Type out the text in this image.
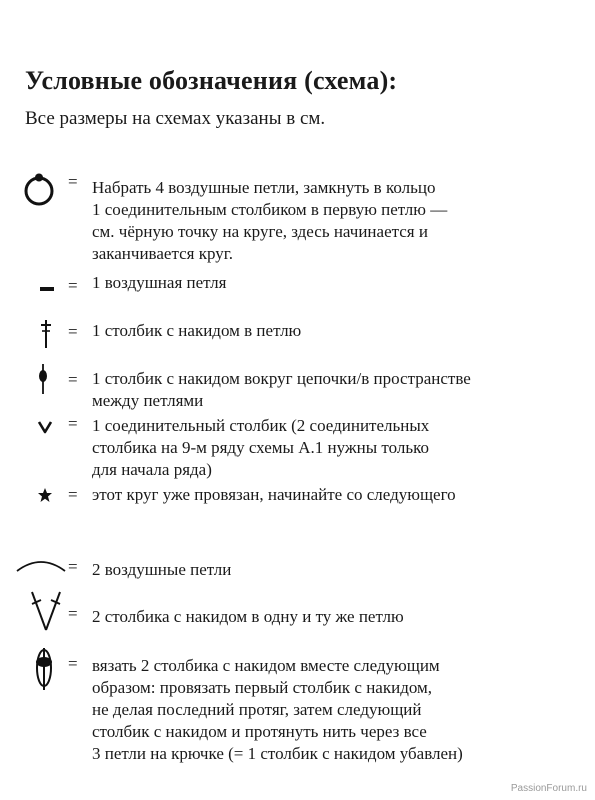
Условные обозначения (схема):
Все размеры на схемах указаны в см.
= Набрать 4 воздушные петли, замкнуть в кольцо
1 соединительным столбиком в первую петлю —
см. чёрную точку на круге, здесь начинается и
заканчивается круг.
= 1 воздушная петля
= 1 столбик с накидом в петлю
= 1 столбик с накидом вокруг цепочки/в пространстве
между петлями
= 1 соединительный столбик (2 соединительных
столбика на 9-м ряду схемы А.1 нужны только
для начала ряда)
= этот круг уже провязан, начинайте со следующего
= 2 воздушные петли
= 2 столбика с накидом в одну и ту же петлю
= вязать 2 столбика с накидом вместе следующим
образом: провязать первый столбик с накидом,
не делая последний протяг, затем следующий
столбик с накидом и протянуть нить через все
3 петли на крючке (= 1 столбик с накидом убавлен)
PassionForum.ru
